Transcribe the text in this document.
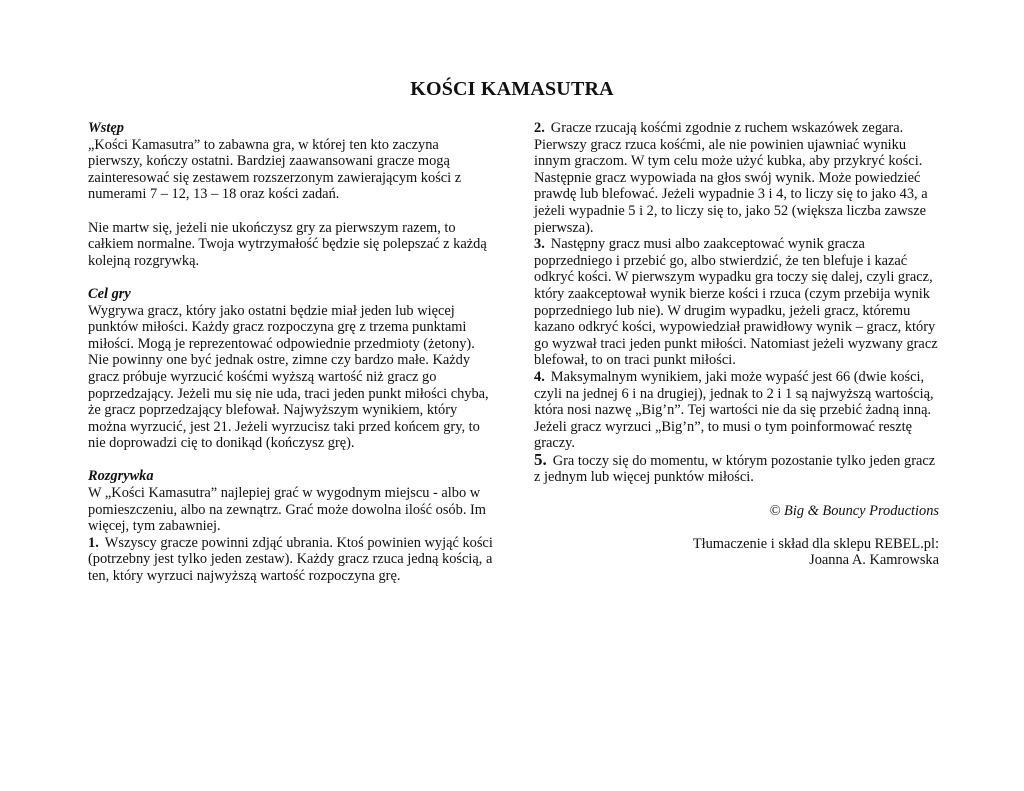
KOŚCI KAMASUTRA
Wstęp

„Kości Kamasutra” to zabawna gra, w której ten kto zaczyna pierwszy, kończy ostatni. Bardziej zaawansowani gracze mogą zainteresować się zestawem rozszerzonym zawierającym kości z numerami 7 – 12, 13 – 18 oraz kości zadań.

Nie martw się, jeżeli nie ukończysz gry za pierwszym razem, to całkiem normalne. Twoja wytrzymałość będzie się polepszać z każdą kolejną rozgrywką.

Cel gry

Wygrywa gracz, który jako ostatni będzie miał jeden lub więcej punktów miłości. Każdy gracz rozpoczyna grę z trzema punktami miłości. Mogą je reprezentować odpowiednie przedmioty (żetony). Nie powinny one być jednak ostre, zimne czy bardzo małe. Każdy gracz próbuje wyrzucić kośćmi wyższą wartość niż gracz go poprzedzający. Jeżeli mu się nie uda, traci jeden punkt miłości chyba, że gracz poprzedzający blefował. Najwyższym wynikiem, który można wyrzucić, jest 21. Jeżeli wyrzucisz taki przed końcem gry, to nie doprowadzi cię to donikąd (kończysz grę).

Rozgrywka

W „Kości Kamasutra” najlepiej grać w wygodnym miejscu - albo w pomieszczeniu, albo na zewnątrz. Grać może dowolna ilość osób. Im więcej, tym zabawniej.

1. Wszyscy gracze powinni zdjąć ubrania. Ktoś powinien wyjąć kości (potrzebny jest tylko jeden zestaw). Każdy gracz rzuca jedną kością, a ten, który wyrzuci najwyższą wartość rozpoczyna grę.

2. Gracze rzucają kośćmi zgodnie z ruchem wskazówek zegara. Pierwszy gracz rzuca kośćmi, ale nie powinien ujawniać wyniku innym graczom. W tym celu może użyć kubka, aby przykryć kości. Następnie gracz wypowiada na głos swój wynik. Może powiedzieć prawdę lub blefować. Jeżeli wypadnie 3 i 4, to liczy się to jako 43, a jeżeli wypadnie 5 i 2, to liczy się to, jako 52 (większa liczba zawsze pierwsza).

3. Następny gracz musi albo zaakceptować wynik gracza poprzedniego i przebić go, albo stwierdzić, że ten blefuje i kazać odkryć kości. W pierwszym wypadku gra toczy się dalej, czyli gracz, który zaakceptował wynik bierze kości i rzuca (czym przebija wynik poprzedniego lub nie). W drugim wypadku, jeżeli gracz, któremu kazano odkryć kości, wypowiedział prawidłowy wynik – gracz, który go wyzwał traci jeden punkt miłości. Natomiast jeżeli wyzwany gracz blefował, to on traci punkt miłości.

4. Maksymalnym wynikiem, jaki może wypaść jest 66 (dwie kości, czyli na jednej 6 i na drugiej), jednak to 2 i 1 są najwyższą wartością, która nosi nazwę „Big’n”. Tej wartości nie da się przebić żadną inną. Jeżeli gracz wyrzuci „Big’n”, to musi o tym poinformować resztę graczy.

5. Gra toczy się do momentu, w którym pozostanie tylko jeden gracz z jednym lub więcej punktów miłości.

© Big & Bouncy Productions
Tłumaczenie i skład dla sklepu REBEL.pl:
Joanna A. Kamrowska
